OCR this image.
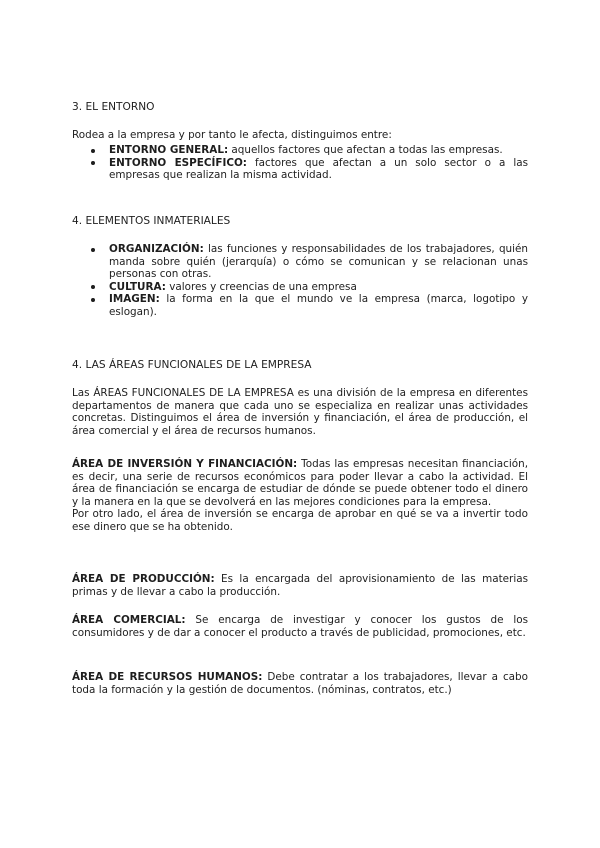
3. EL ENTORNO
Rodea a la empresa y por tanto le afecta, distinguimos entre:
ENTORNO GENERAL: aquellos factores que afectan a todas las empresas.
ENTORNO ESPECÍFICO: factores que afectan a un solo sector o a las empresas que realizan la misma actividad.
4. ELEMENTOS INMATERIALES
ORGANIZACIÓN: las funciones y responsabilidades de los trabajadores, quién manda sobre quién (jerarquía) o cómo se comunican y se relacionan unas personas con otras.
CULTURA: valores y creencias de una empresa
IMAGEN: la forma en la que el mundo ve la empresa (marca, logotipo y eslogan).
4. LAS ÁREAS FUNCIONALES DE LA EMPRESA

Las ÁREAS FUNCIONALES DE LA EMPRESA es una división de la empresa en diferentes departamentos de manera que cada uno se especializa en realizar unas actividades concretas. Distinguimos el área de inversión y financiación, el área de producción, el área comercial y el área de recursos humanos.

ÁREA DE INVERSIÓN Y FINANCIACIÓN: Todas las empresas necesitan financiación, es decir, una serie de recursos económicos para poder llevar a cabo la actividad. El área de financiación se encarga de estudiar de dónde se puede obtener todo el dinero y la manera en la que se devolverá en las mejores condiciones para la empresa.

Por otro lado, el área de inversión se encarga de aprobar en qué se va a invertir todo ese dinero que se ha obtenido.

ÁREA DE PRODUCCIÓN: Es la encargada del aprovisionamiento de las materias primas y de llevar a cabo la producción.

ÁREA COMERCIAL: Se encarga de investigar y conocer los gustos de los consumidores y de dar a conocer el producto a través de publicidad, promociones, etc.

ÁREA DE RECURSOS HUMANOS: Debe contratar a los trabajadores, llevar a cabo toda la formación y la gestión de documentos. (nóminas, contratos, etc.)
